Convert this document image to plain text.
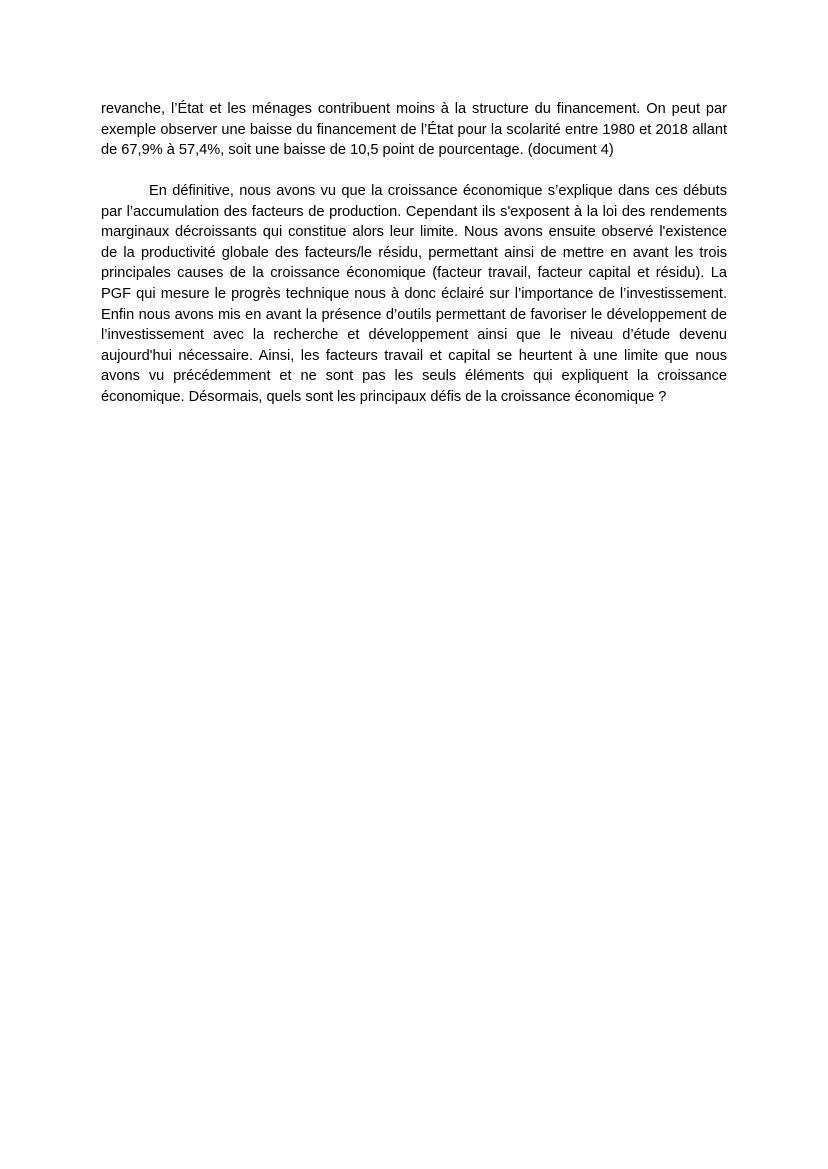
revanche, l’État et les ménages contribuent moins à la structure du financement. On peut par exemple observer une baisse du financement de l’État pour la scolarité entre 1980 et 2018 allant de 67,9% à 57,4%, soit une baisse de 10,5 point de pourcentage. (document 4)

En définitive, nous avons vu que la croissance économique s’explique dans ces débuts par l’accumulation des facteurs de production. Cependant ils s'exposent à la loi des rendements marginaux décroissants qui constitue alors leur limite. Nous avons ensuite observé l'existence de la productivité globale des facteurs/le résidu, permettant ainsi de mettre en avant les trois principales causes de la croissance économique (facteur travail, facteur capital et résidu). La PGF qui mesure le progrès technique nous à donc éclairé sur l’importance de l’investissement. Enfin nous avons mis en avant la présence d’outils permettant de favoriser le développement de l’investissement avec la recherche et développement ainsi que le niveau d’étude devenu aujourd'hui nécessaire. Ainsi, les facteurs travail et capital se heurtent à une limite que nous avons vu précédemment et ne sont pas les seuls éléments qui expliquent la croissance économique. Désormais, quels sont les principaux défis de la croissance économique ?
